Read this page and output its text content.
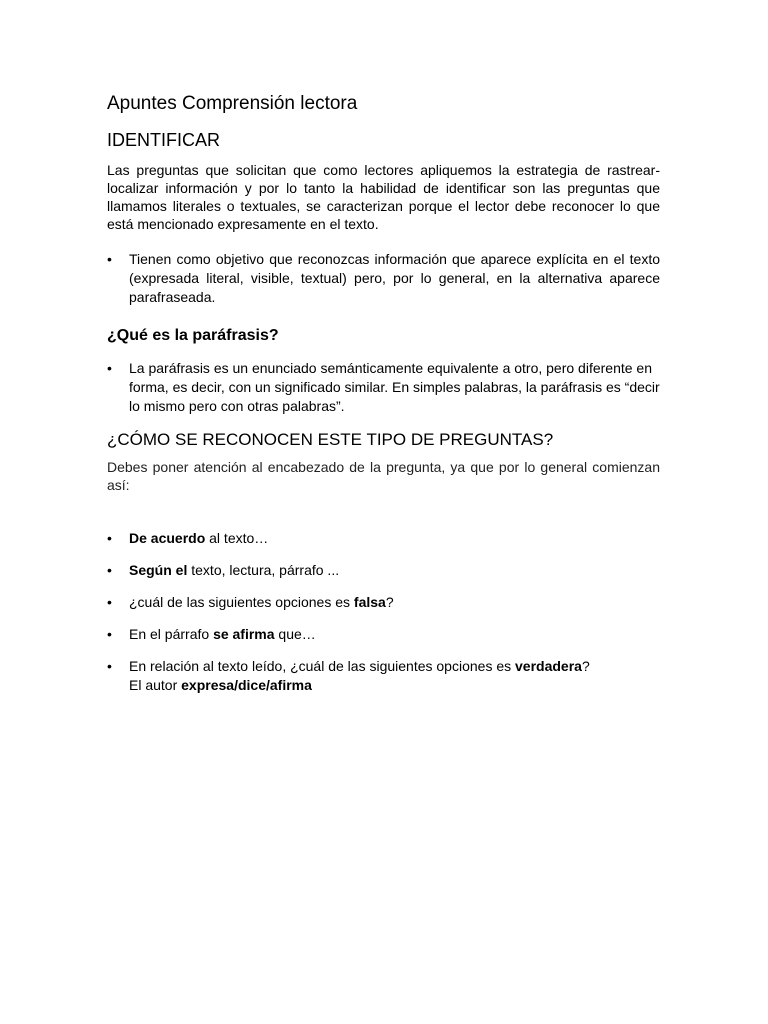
Apuntes Comprensión lectora
IDENTIFICAR

Las preguntas que solicitan que como lectores apliquemos la estrategia de rastrear- localizar información y por lo tanto la habilidad de identificar son las preguntas que llamamos literales o textuales, se caracterizan porque el lector debe reconocer lo que está mencionado expresamente en el texto.

• Tienen como objetivo que reconozcas información que aparece explícita en el texto (expresada literal, visible, textual) pero, por lo general, en la alternativa aparece parafraseada.
¿Qué es la paráfrasis?
• La paráfrasis es un enunciado semánticamente equivalente a otro, pero diferente en forma, es decir, con un significado similar. En simples palabras, la paráfrasis es “decir lo mismo pero con otras palabras”.
¿CÓMO SE RECONOCEN ESTE TIPO DE PREGUNTAS?

Debes poner atención al encabezado de la pregunta, ya que por lo general comienzan así:

• De acuerdo al texto…
• Según el texto, lectura, párrafo ...
• ¿cuál de las siguientes opciones es falsa?
• En el párrafo se afirma que…
• En relación al texto leído, ¿cuál de las siguientes opciones es verdadera?
El autor expresa/dice/afirma
